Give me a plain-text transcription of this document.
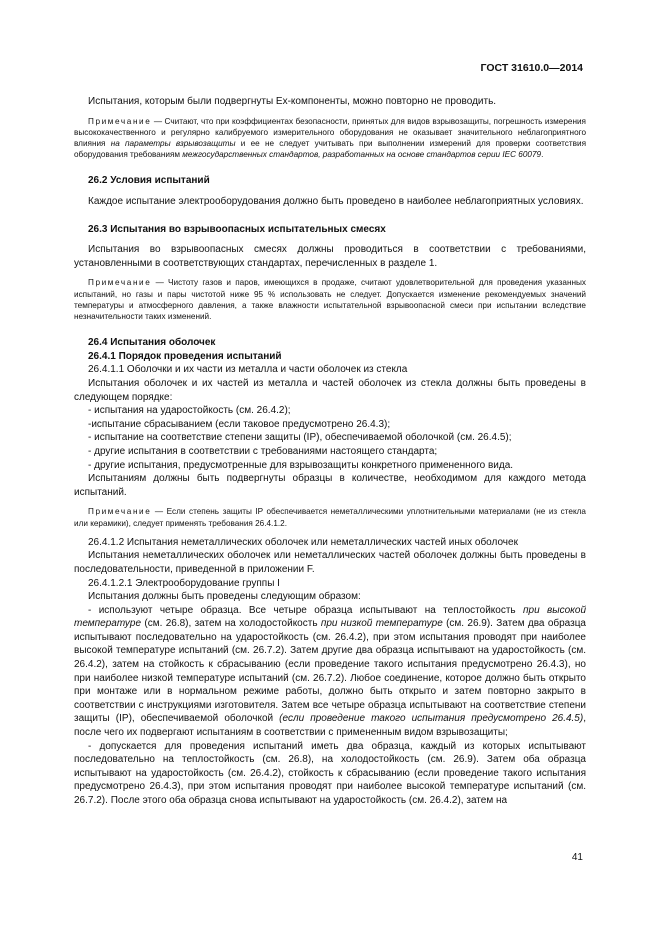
ГОСТ 31610.0—2014

Испытания, которым были подвергнуты Ex-компоненты, можно повторно не проводить.

Примечание — Считают, что при коэффициентах безопасности, принятых для видов взрывозащиты, погрешность измерения высококачественного и регулярно калибруемого измерительного оборудования не оказывает значительного неблагоприятного влияния на параметры взрывозащиты и ее не следует учитывать при выполнении измерений для проверки соответствия оборудования требованиям межгосударственных стандартов, разработанных на основе стандартов серии IEC 60079.

26.2 Условия испытаний

Каждое испытание электрооборудования должно быть проведено в наиболее неблагоприятных условиях.

26.3 Испытания во взрывоопасных испытательных смесях

Испытания во взрывоопасных смесях должны проводиться в соответствии с требованиями, установленными в соответствующих стандартах, перечисленных в разделе 1.

Примечание — Чистоту газов и паров, имеющихся в продаже, считают удовлетворительной для проведения указанных испытаний, но газы и пары чистотой ниже 95 % использовать не следует. Допускается изменение рекомендуемых значений температуры и атмосферного давления, а также влажности испытательной взрывоопасной смеси при испытании вследствие незначительности таких изменений.

26.4 Испытания оболочек

26.4.1 Порядок проведения испытаний

26.4.1.1 Оболочки и их части из металла и части оболочек из стекла

Испытания оболочек и их частей из металла и частей оболочек из стекла должны быть проведены в следующем порядке:

- испытания на ударостойкость (см. 26.4.2);

-испытание сбрасыванием (если таковое предусмотрено 26.4.3);

- испытание на соответствие степени защиты (IP), обеспечиваемой оболочкой (см. 26.4.5);

- другие испытания в соответствии с требованиями настоящего стандарта;

- другие испытания, предусмотренные для взрывозащиты конкретного примененного вида.

Испытаниям должны быть подвергнуты образцы в количестве, необходимом для каждого метода испытаний.

Примечание — Если степень защиты IP обеспечивается неметаллическими уплотнительными материалами (не из стекла или керамики), следует применять требования 26.4.1.2.

26.4.1.2 Испытания неметаллических оболочек или неметаллических частей иных оболочек

Испытания неметаллических оболочек или неметаллических частей оболочек должны быть проведены в последовательности, приведенной в приложении F.

26.4.1.2.1 Электрооборудование группы I

Испытания должны быть проведены следующим образом:

- используют четыре образца. Все четыре образца испытывают на теплостойкость при высокой температуре (см. 26.8), затем на холодостойкость при низкой температуре (см. 26.9). Затем два образца испытывают последовательно на ударостойкость (см. 26.4.2), при этом испытания проводят при наиболее высокой температуре испытаний (см. 26.7.2). Затем другие два образца испытывают на ударостойкость (см. 26.4.2), затем на стойкость к сбрасыванию (если проведение такого испытания предусмотрено 26.4.3), но при наиболее низкой температуре испытаний (см. 26.7.2). Любое соединение, которое должно быть открыто при монтаже или в нормальном режиме работы, должно быть открыто и затем повторно закрыто в соответствии с инструкциями изготовителя. Затем все четыре образца испытывают на соответствие степени защиты (IP), обеспечиваемой оболочкой (если проведение такого испытания предусмотрено 26.4.5), после чего их подвергают испытаниям в соответствии с примененным видом взрывозащиты;

- допускается для проведения испытаний иметь два образца, каждый из которых испытывают последовательно на теплостойкость (см. 26.8), на холодостойкость (см. 26.9). Затем оба образца испытывают на ударостойкость (см. 26.4.2), стойкость к сбрасыванию (если проведение такого испытания предусмотрено 26.4.3), при этом испытания проводят при наиболее высокой температуре испытаний (см. 26.7.2). После этого оба образца снова испытывают на ударостойкость (см. 26.4.2), затем на

41
